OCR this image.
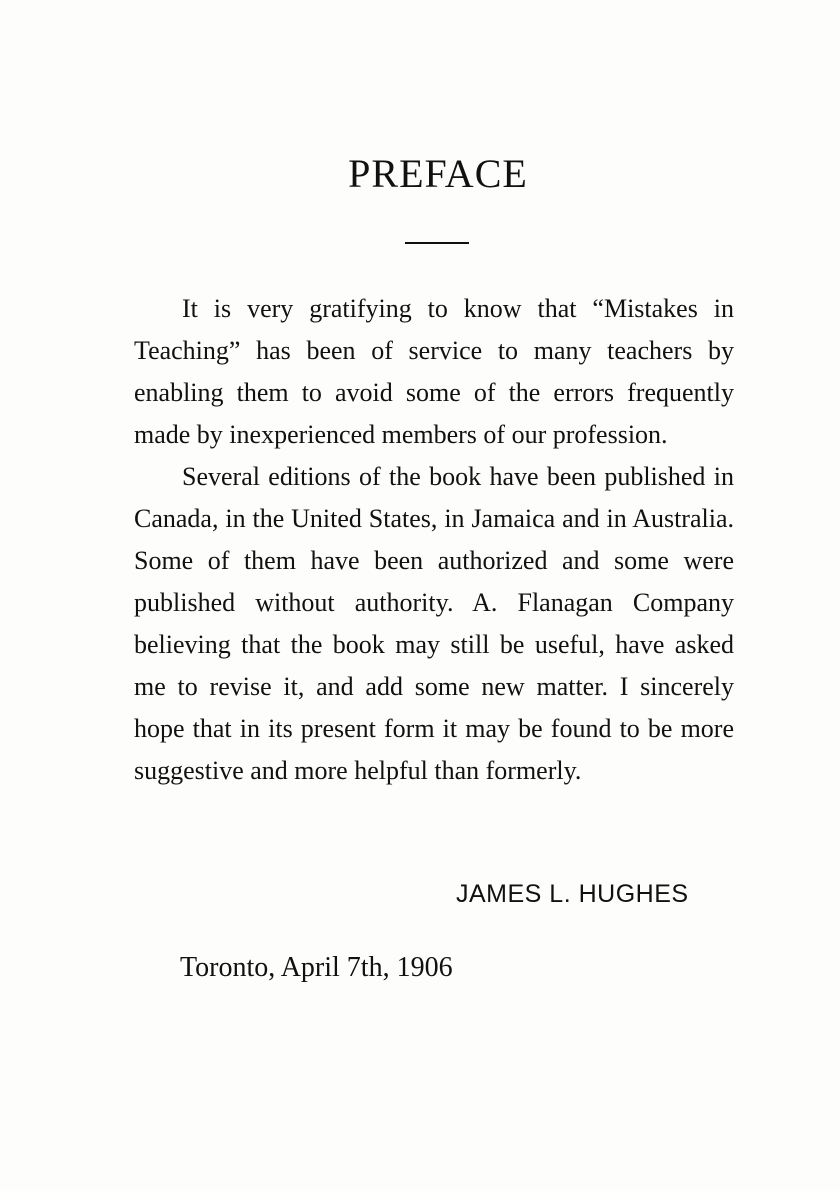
PREFACE

It is very gratifying to know that “Mistakes in Teaching” has been of service to many teachers by enabling them to avoid some of the errors frequently made by inexperienced members of our profession.

Several editions of the book have been published in Canada, in the United States, in Jamaica and in Australia. Some of them have been authorized and some were published without authority. A. Flanagan Company believing that the book may still be useful, have asked me to revise it, and add some new matter. I sincerely hope that in its present form it may be found to be more suggestive and more helpful than formerly.

JAMES L. HUGHES
Toronto, April 7th, 1906
